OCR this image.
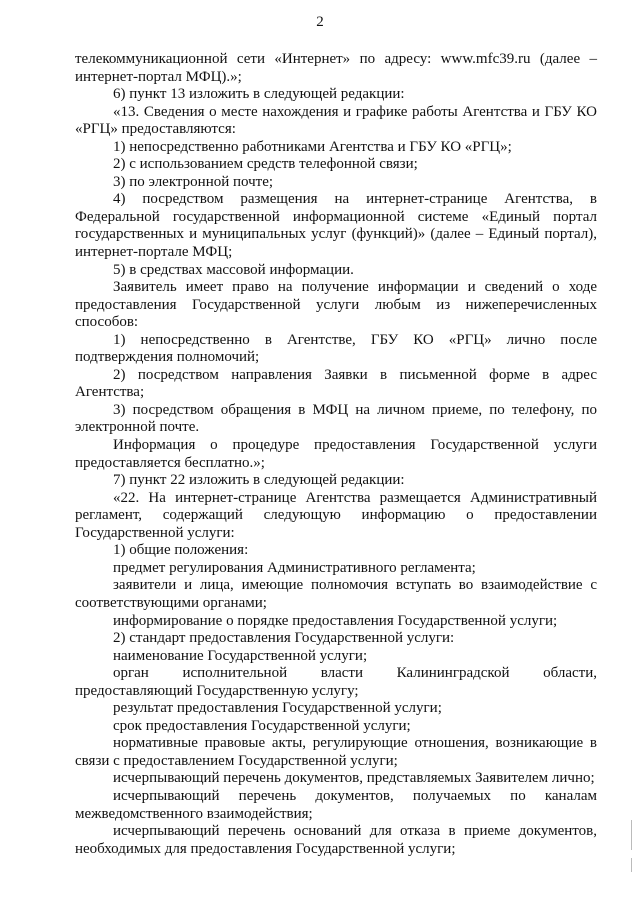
2

телекоммуникационной сети «Интернет» по адресу: www.mfc39.ru (далее – интернет-портал МФЦ).»;

6) пункт 13 изложить в следующей редакции:

«13. Сведения о месте нахождения и графике работы Агентства и ГБУ КО «РГЦ» предоставляются:

1) непосредственно работниками Агентства и ГБУ КО «РГЦ»;

2) с использованием средств телефонной связи;

3) по электронной почте;

4) посредством размещения на интернет-странице Агентства, в Федеральной государственной информационной системе «Единый портал государственных и муниципальных услуг (функций)» (далее – Единый портал), интернет-портале МФЦ;

5) в средствах массовой информации.

Заявитель имеет право на получение информации и сведений о ходе предоставления Государственной услуги любым из нижеперечисленных способов:

1) непосредственно в Агентстве, ГБУ КО «РГЦ» лично после подтверждения полномочий;

2) посредством направления Заявки в письменной форме в адрес Агентства;

3) посредством обращения в МФЦ на личном приеме, по телефону, по электронной почте.

Информация о процедуре предоставления Государственной услуги предоставляется бесплатно.»;

7) пункт 22 изложить в следующей редакции:

«22. На интернет-странице Агентства размещается Административный регламент, содержащий следующую информацию о предоставлении Государственной услуги:

1) общие положения:

предмет регулирования Административного регламента;

заявители и лица, имеющие полномочия вступать во взаимодействие с соответствующими органами;

информирование о порядке предоставления Государственной услуги;

2) стандарт предоставления Государственной услуги:

наименование Государственной услуги;

орган исполнительной власти Калининградской области, предоставляющий Государственную услугу;

результат предоставления Государственной услуги;

срок предоставления Государственной услуги;

нормативные правовые акты, регулирующие отношения, возникающие в связи с предоставлением Государственной услуги;

исчерпывающий перечень документов, представляемых Заявителем лично;

исчерпывающий перечень документов, получаемых по каналам межведомственного взаимодействия;

исчерпывающий перечень оснований для отказа в приеме документов, необходимых для предоставления Государственной услуги;
